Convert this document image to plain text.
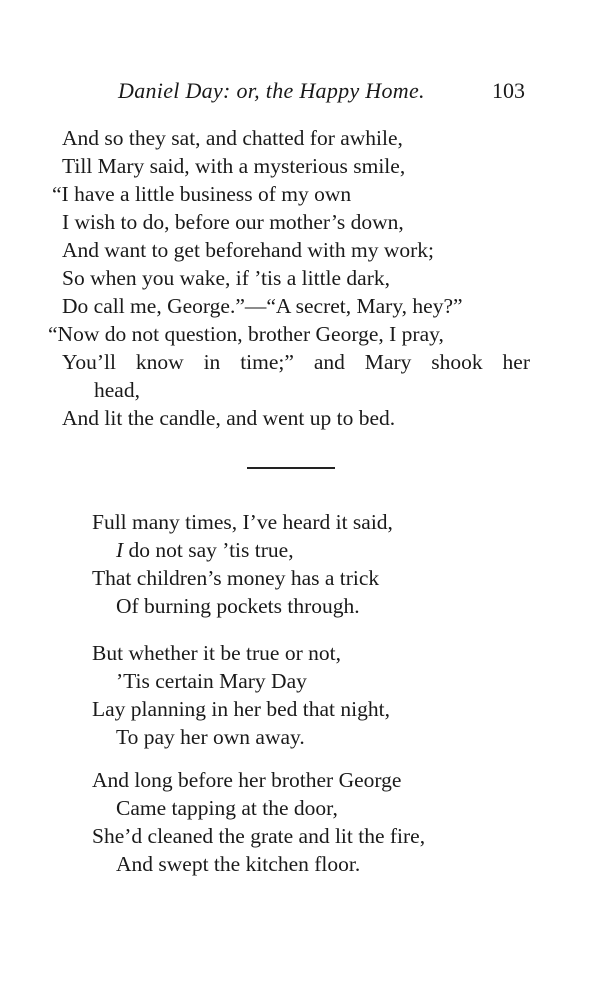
Daniel Day: or, the Happy Home.	103
And so they sat, and chatted for awhile,
Till Mary said, with a mysterious smile,
“I have a little business of my own
I wish to do, before our mother’s down,
And want to get beforehand with my work;
So when you wake, if ’tis a little dark,
Do call me, George.”—“A secret, Mary, hey?”
“Now do not question, brother George, I pray,
You’ll know in time;” and Mary shook her
head,
And lit the candle, and went up to bed.
Full many times, I’ve heard it said,
I do not say ’tis true,
That children’s money has a trick
Of burning pockets through.
But whether it be true or not,
’Tis certain Mary Day
Lay planning in her bed that night,
To pay her own away.
And long before her brother George
Came tapping at the door,
She’d cleaned the grate and lit the fire,
And swept the kitchen floor.
